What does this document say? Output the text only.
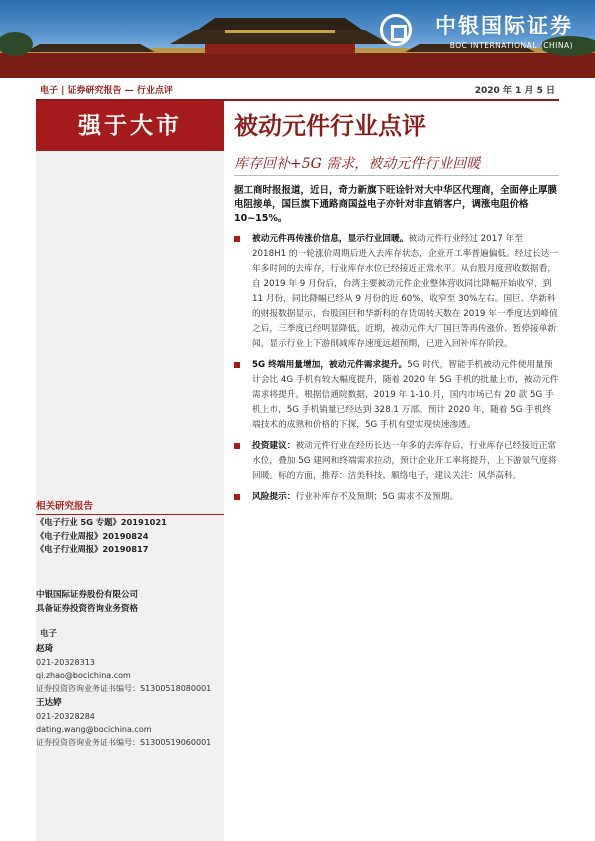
中银国际证券
BOC INTERNATIONAL (CHINA)
电子 | 证券研究报告 — 行业点评	2020 年 1 月 5 日
强于大市	被动元件行业点评
库存回补+5G 需求，被动元件行业回暖
据工商时报报道，近日，奇力新旗下旺诠针对大中华区代理商，全面停止厚膜电阻接单，国巨旗下通路商国益电子亦针对非直销客户，调涨电阻价格 10~15%。
被动元件再传涨价信息，显示行业回暖。被动元件行业经过 2017 年至 2018H1 的一轮涨价周期后进入去库存状态，企业开工率普遍偏低。经过长达一年多时间的去库存，行业库存水位已经接近正常水平。从台股月度营收数据看，自 2019 年 9 月份后，台湾主要被动元件企业整体营收同比降幅开始收窄，到 11 月份，同比降幅已经从 9 月份的近 60%，收窄至 30%左右。国巨、华新科的财报数据显示，台股国巨和华新科的存货周转天数在 2019 年一季度达到峰值之后，三季度已经明显降低。近期，被动元件大厂国巨等再传涨价、暂停接单新闻，显示行业上下游削减库存速度远超预期，已进入回补库存阶段。
5G 终端用量增加，被动元件需求提升。5G 时代，智能手机被动元件使用量预计会比 4G 手机有较大幅度提升，随着 2020 年 5G 手机的批量上市，被动元件需求将提升。根据信通院数据，2019 年 1-10 月，国内市场已有 20 款 5G 手机上市，5G 手机销量已经达到 328.1 万部。预计 2020 年，随着 5G 手机终端技术的成熟和价格的下探，5G 手机有望实现快速渗透。
投资建议：被动元件行业在经历长达一年多的去库存后，行业库存已经接近正常水位，叠加 5G 建网和终端需求拉动，预计企业开工率将提升，上下游景气度将回暖。标的方面，推荐：洁美科技、顺络电子，建议关注：风华高科。
风险提示：行业补库存不及预期；5G 需求不及预期。
相关研究报告
《电子行业 5G 专题》20191021
《电子行业周报》20190824
《电子行业周报》20190817
中银国际证券股份有限公司
具备证券投资咨询业务资格
电子
赵琦
021-20328313
qi.zhao@bocichina.com
证券投资咨询业务证书编号：S1300518080001
王达婷
021-20328284
dating.wang@bocichina.com
证券投资咨询业务证书编号：S1300519060001
